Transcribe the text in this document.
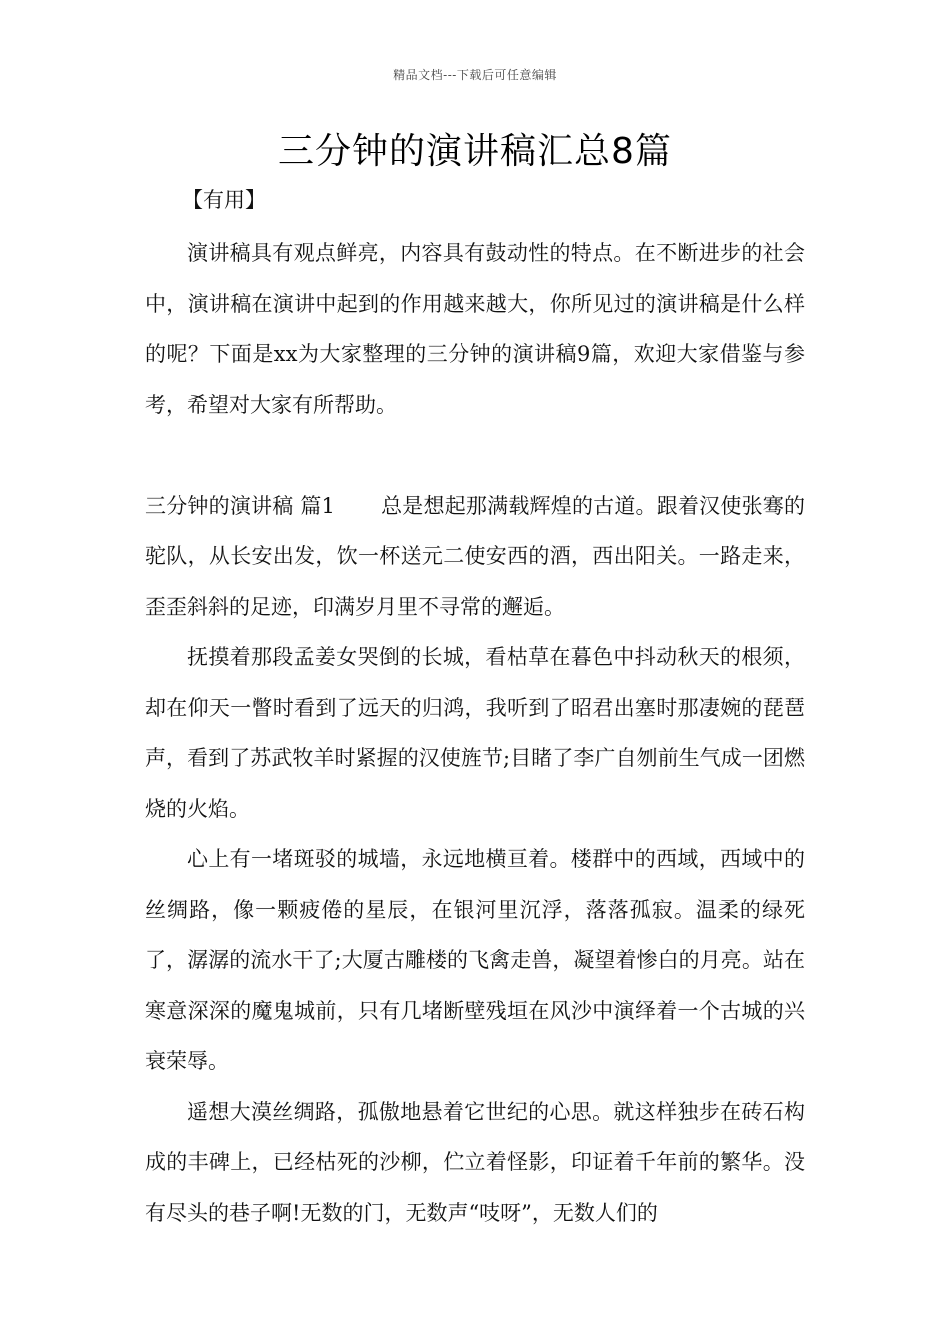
精品文档---下载后可任意编辑
三分钟的演讲稿汇总8篇
【有用】

演讲稿具有观点鲜亮，内容具有鼓动性的特点。在不断进步的社会中，演讲稿在演讲中起到的作用越来越大，你所见过的演讲稿是什么样的呢？下面是xx为大家整理的三分钟的演讲稿9篇，欢迎大家借鉴与参考，希望对大家有所帮助。

三分钟的演讲稿 篇1 总是想起那满载辉煌的古道。跟着汉使张骞的驼队，从长安出发，饮一杯送元二使安西的酒，西出阳关。一路走来，歪歪斜斜的足迹，印满岁月里不寻常的邂逅。

抚摸着那段孟姜女哭倒的长城，看枯草在暮色中抖动秋天的根须，却在仰天一瞥时看到了远天的归鸿，我听到了昭君出塞时那凄婉的琵琶声，看到了苏武牧羊时紧握的汉使旌节;目睹了李广自刎前生气成一团燃烧的火焰。

心上有一堵斑驳的城墙，永远地横亘着。楼群中的西域，西域中的丝绸路，像一颗疲倦的星辰，在银河里沉浮，落落孤寂。温柔的绿死了，潺潺的流水干了;大厦古雕楼的飞禽走兽，凝望着惨白的月亮。站在寒意深深的魔鬼城前，只有几堵断壁残垣在风沙中演绎着一个古城的兴衰荣辱。

遥想大漠丝绸路，孤傲地悬着它世纪的心思。就这样独步在砖石构成的丰碑上，已经枯死的沙柳，伫立着怪影，印证着千年前的繁华。没有尽头的巷子啊!无数的门，无数声“吱呀”，无数人们的
